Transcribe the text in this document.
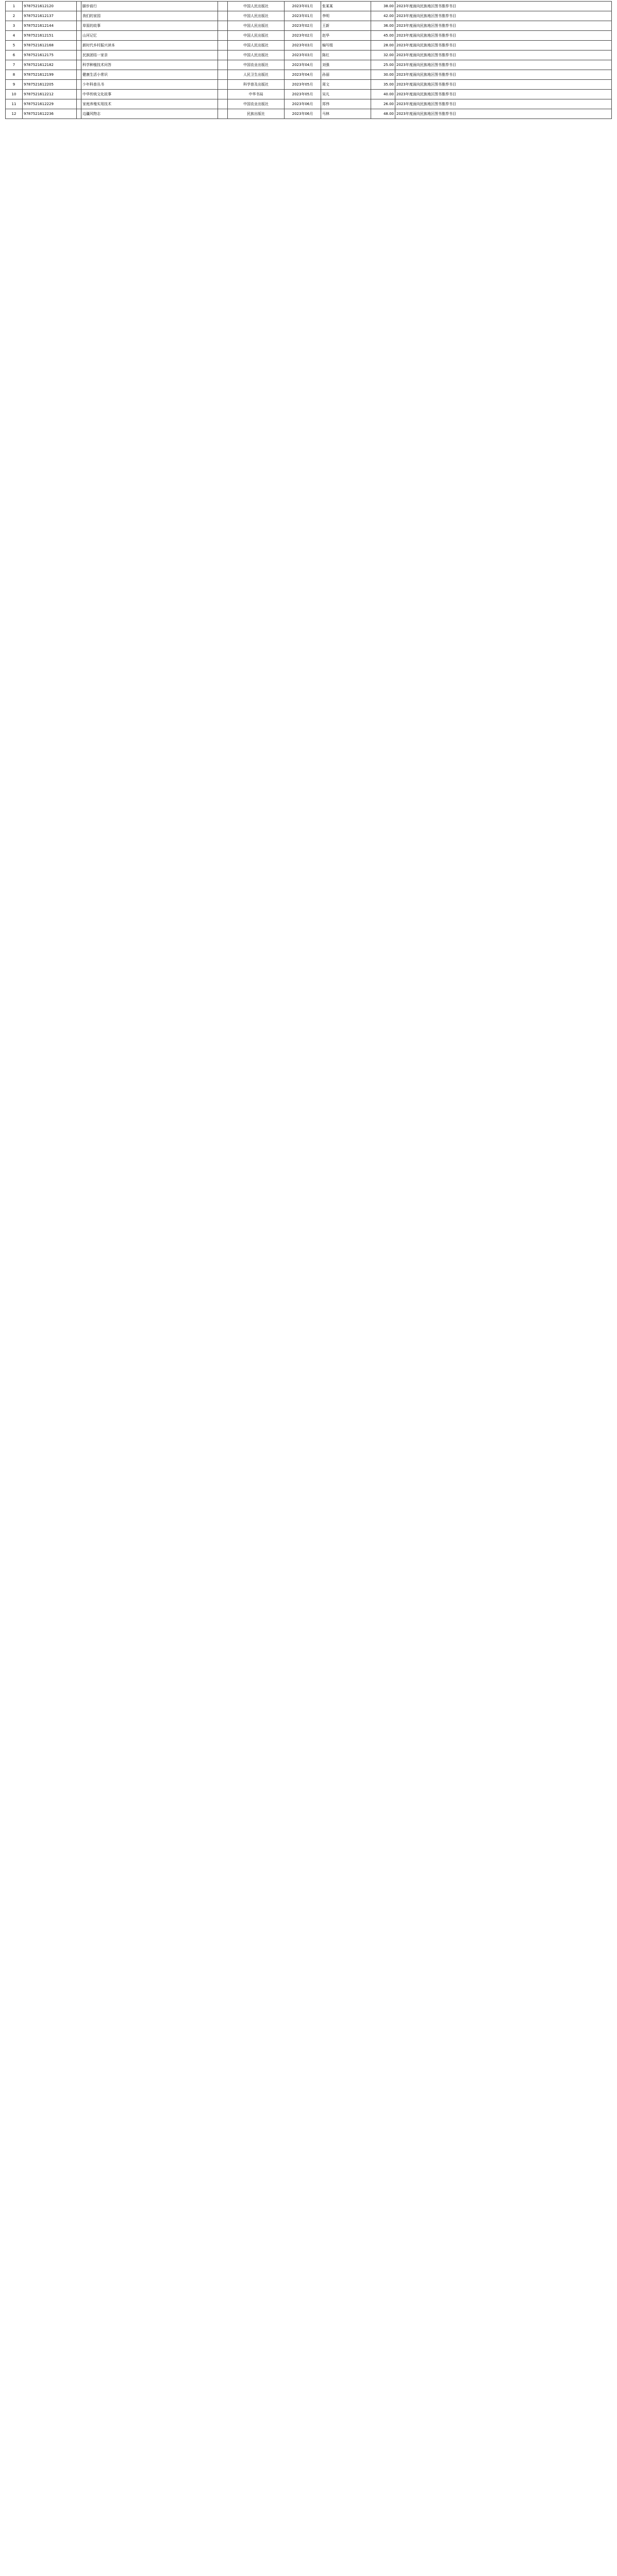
1	9787521612120		脚步前行		中国人民出版社	2023年01月	张某某	38.00	2023年度面向民族地区图书推荐书目
2	9787521612137		我们的家园		中国人民出版社	2023年01月	李明	42.00	2023年度面向民族地区图书推荐书目
3	9787521612144		草原的故事		中国人民出版社	2023年02月	王新	36.00	2023年度面向民族地区图书推荐书目
4	9787521612151		山河记忆		中国人民出版社	2023年02月	赵华	45.00	2023年度面向民族地区图书推荐书目
5	9787521612168		新时代乡村振兴读本		中国人民出版社	2023年03月	编写组	28.00	2023年度面向民族地区图书推荐书目
6	9787521612175		民族团结一家亲		中国人民出版社	2023年03月	陈红	32.00	2023年度面向民族地区图书推荐书目
7	9787521612182		科学种植技术问答		中国农业出版社	2023年04月	刘强	25.00	2023年度面向民族地区图书推荐书目
8	9787521612199		健康生活小常识		人民卫生出版社	2023年04月	孙丽	30.00	2023年度面向民族地区图书推荐书目
9	9787521612205		少年科普丛书		科学普及出版社	2023年05月	周文	35.00	2023年度面向民族地区图书推荐书目
10	9787521612212		中华传统文化故事		中华书局	2023年05月	吴凡	40.00	2023年度面向民族地区图书推荐书目
11	9787521612229		家庭养殖实用技术		中国农业出版社	2023年06月	郑伟	26.00	2023年度面向民族地区图书推荐书目
12	9787521612236		边疆风物志		民族出版社	2023年06月	马林	48.00	2023年度面向民族地区图书推荐书目
